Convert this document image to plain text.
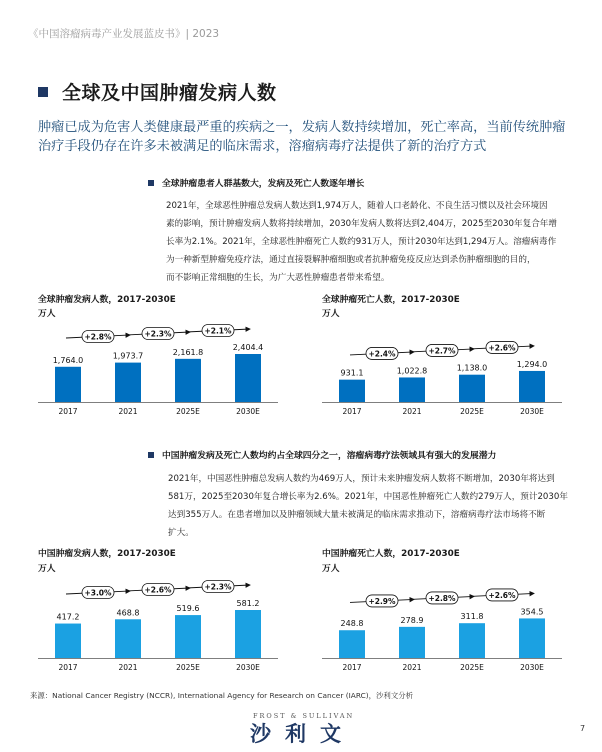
《中国溶瘤病毒产业发展蓝皮书》| 2023
全球及中国肿瘤发病人数
肿瘤已成为危害人类健康最严重的疾病之一，发病人数持续增加，死亡率高，当前传统肿瘤治疗手段仍存在许多未被满足的临床需求，溶瘤病毒疗法提供了新的治疗方式
全球肿瘤患者人群基数大，发病及死亡人数逐年增长
2021年，全球恶性肿瘤总发病人数达到1,974万人，随着人口老龄化、不良生活习惯以及社会环境因
素的影响，预计肿瘤发病人数将持续增加，2030年发病人数将达到2,404万，2025至2030年复合年增
长率为2.1%。2021年，全球恶性肿瘤死亡人数约931万人，预计2030年达到1,294万人。溶瘤病毒作
为一种新型肿瘤免疫疗法，通过直接裂解肿瘤细胞或者抗肿瘤免疫反应达到杀伤肿瘤细胞的目的，
而不影响正常细胞的生长，为广大恶性肿瘤患者带来希望。
全球肿瘤发病人数，2017-2030E
万人
1,764.0
2017
1,973.7
2021
2,161.8
2025E
2,404.4
2030E
+2.8%	+2.3%	+2.1%
全球肿瘤死亡人数，2017-2030E
万人
931.1
2017
1,022.8
2021
1,138.0
2025E
1,294.0
2030E
+2.4%	+2.7%	+2.6%
中国肿瘤发病及死亡人数均约占全球四分之一，溶瘤病毒疗法领域具有强大的发展潜力
2021年，中国恶性肿瘤总发病人数约为469万人，预计未来肿瘤发病人数将不断增加，2030年将达到
581万，2025至2030年复合增长率为2.6%。2021年，中国恶性肿瘤死亡人数约279万人，预计2030年
达到355万人。在患者增加以及肿瘤领域大量未被满足的临床需求推动下，溶瘤病毒疗法市场将不断
扩大。
中国肿瘤发病人数，2017-2030E
万人
417.2
2017
468.8
2021
519.6
2025E
581.2
2030E
+3.0%	+2.6%	+2.3%
中国肿瘤死亡人数，2017-2030E
万人
248.8
2017
278.9
2021
311.8
2025E
354.5
2030E
+2.9%	+2.8%	+2.6%
来源：National Cancer Registry (NCCR), International Agency for Research on Cancer (IARC)，沙利文分析
FROST & SULLIVAN
沙利文	7
